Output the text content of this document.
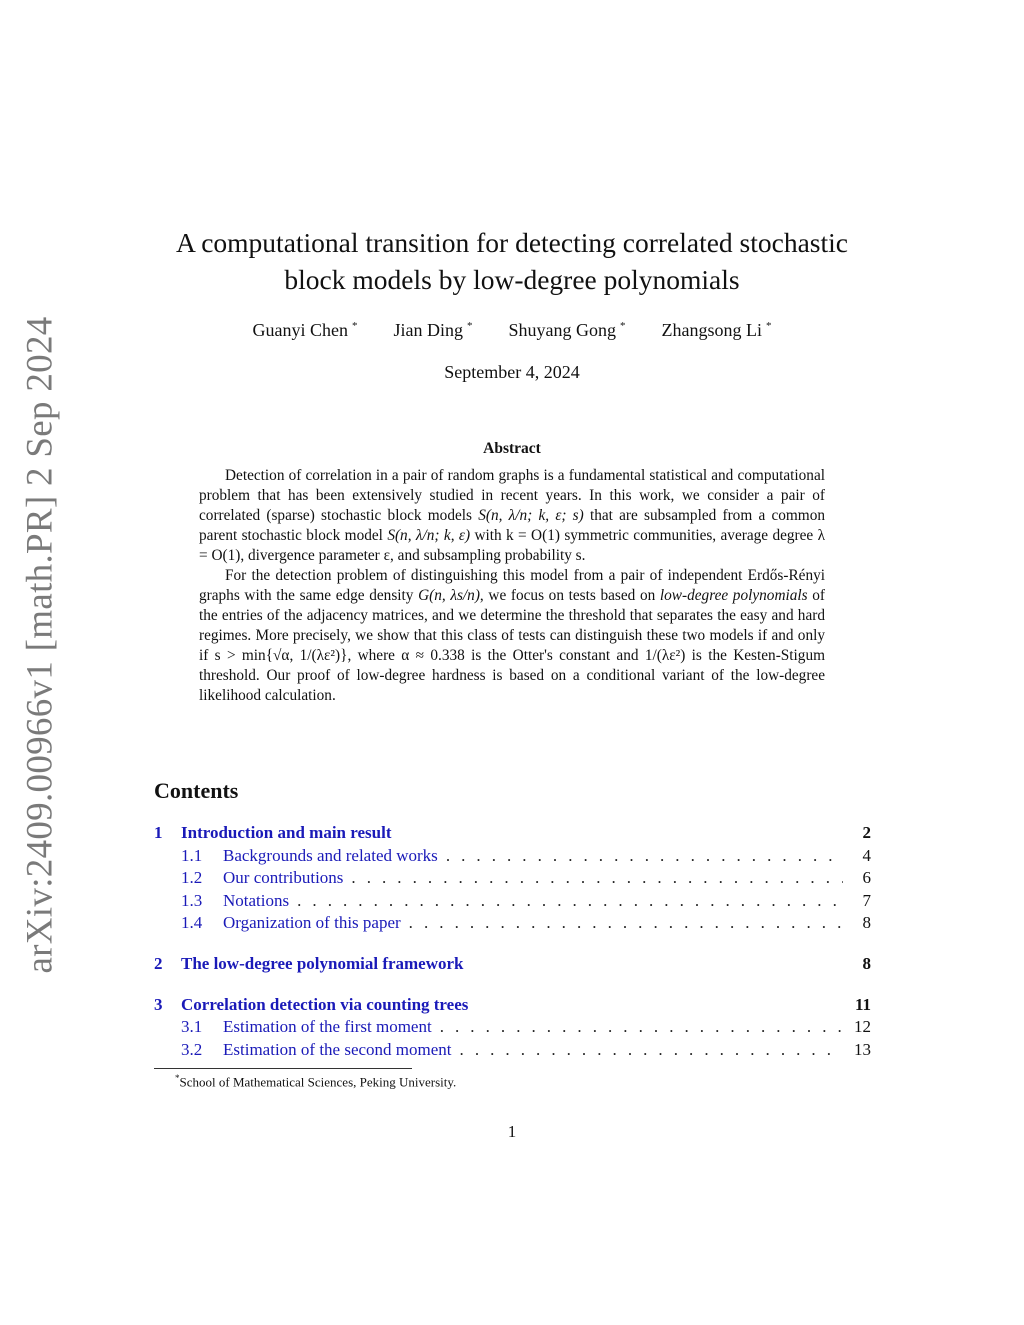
arXiv:2409.00966v1 [math.PR] 2 Sep 2024
A computational transition for detecting correlated stochastic
block models by low-degree polynomials
Guanyi Chen * Jian Ding * Shuyang Gong * Zhangsong Li *
September 4, 2024
Abstract

Detection of correlation in a pair of random graphs is a fundamental statistical and computational problem that has been extensively studied in recent years. In this work, we consider a pair of correlated (sparse) stochastic block models S(n, λ/n; k, ε; s) that are subsampled from a common parent stochastic block model S(n, λ/n; k, ε) with k = O(1) symmetric communities, average degree λ = O(1), divergence parameter ε, and subsampling probability s.

For the detection problem of distinguishing this model from a pair of independent Erdős-Rényi graphs with the same edge density G(n, λs/n), we focus on tests based on low-degree polynomials of the entries of the adjacency matrices, and we determine the threshold that separates the easy and hard regimes. More precisely, we show that this class of tests can distinguish these two models if and only if s > min{√α, 1/(λε²)}, where α ≈ 0.338 is the Otter's constant and 1/(λε²) is the Kesten-Stigum threshold. Our proof of low-degree hardness is based on a conditional variant of the low-degree likelihood calculation.

Contents
1	Introduction and main result	2
1.1	Backgrounds and related works . . .	4
1.2	Our contributions . . .	6
1.3	Notations . . .	7
1.4	Organization of this paper . . .	8
2	The low-degree polynomial framework	8
3	Correlation detection via counting trees	11
3.1	Estimation of the first moment . . .	12
3.2	Estimation of the second moment . . .	13
*School of Mathematical Sciences, Peking University.
1
